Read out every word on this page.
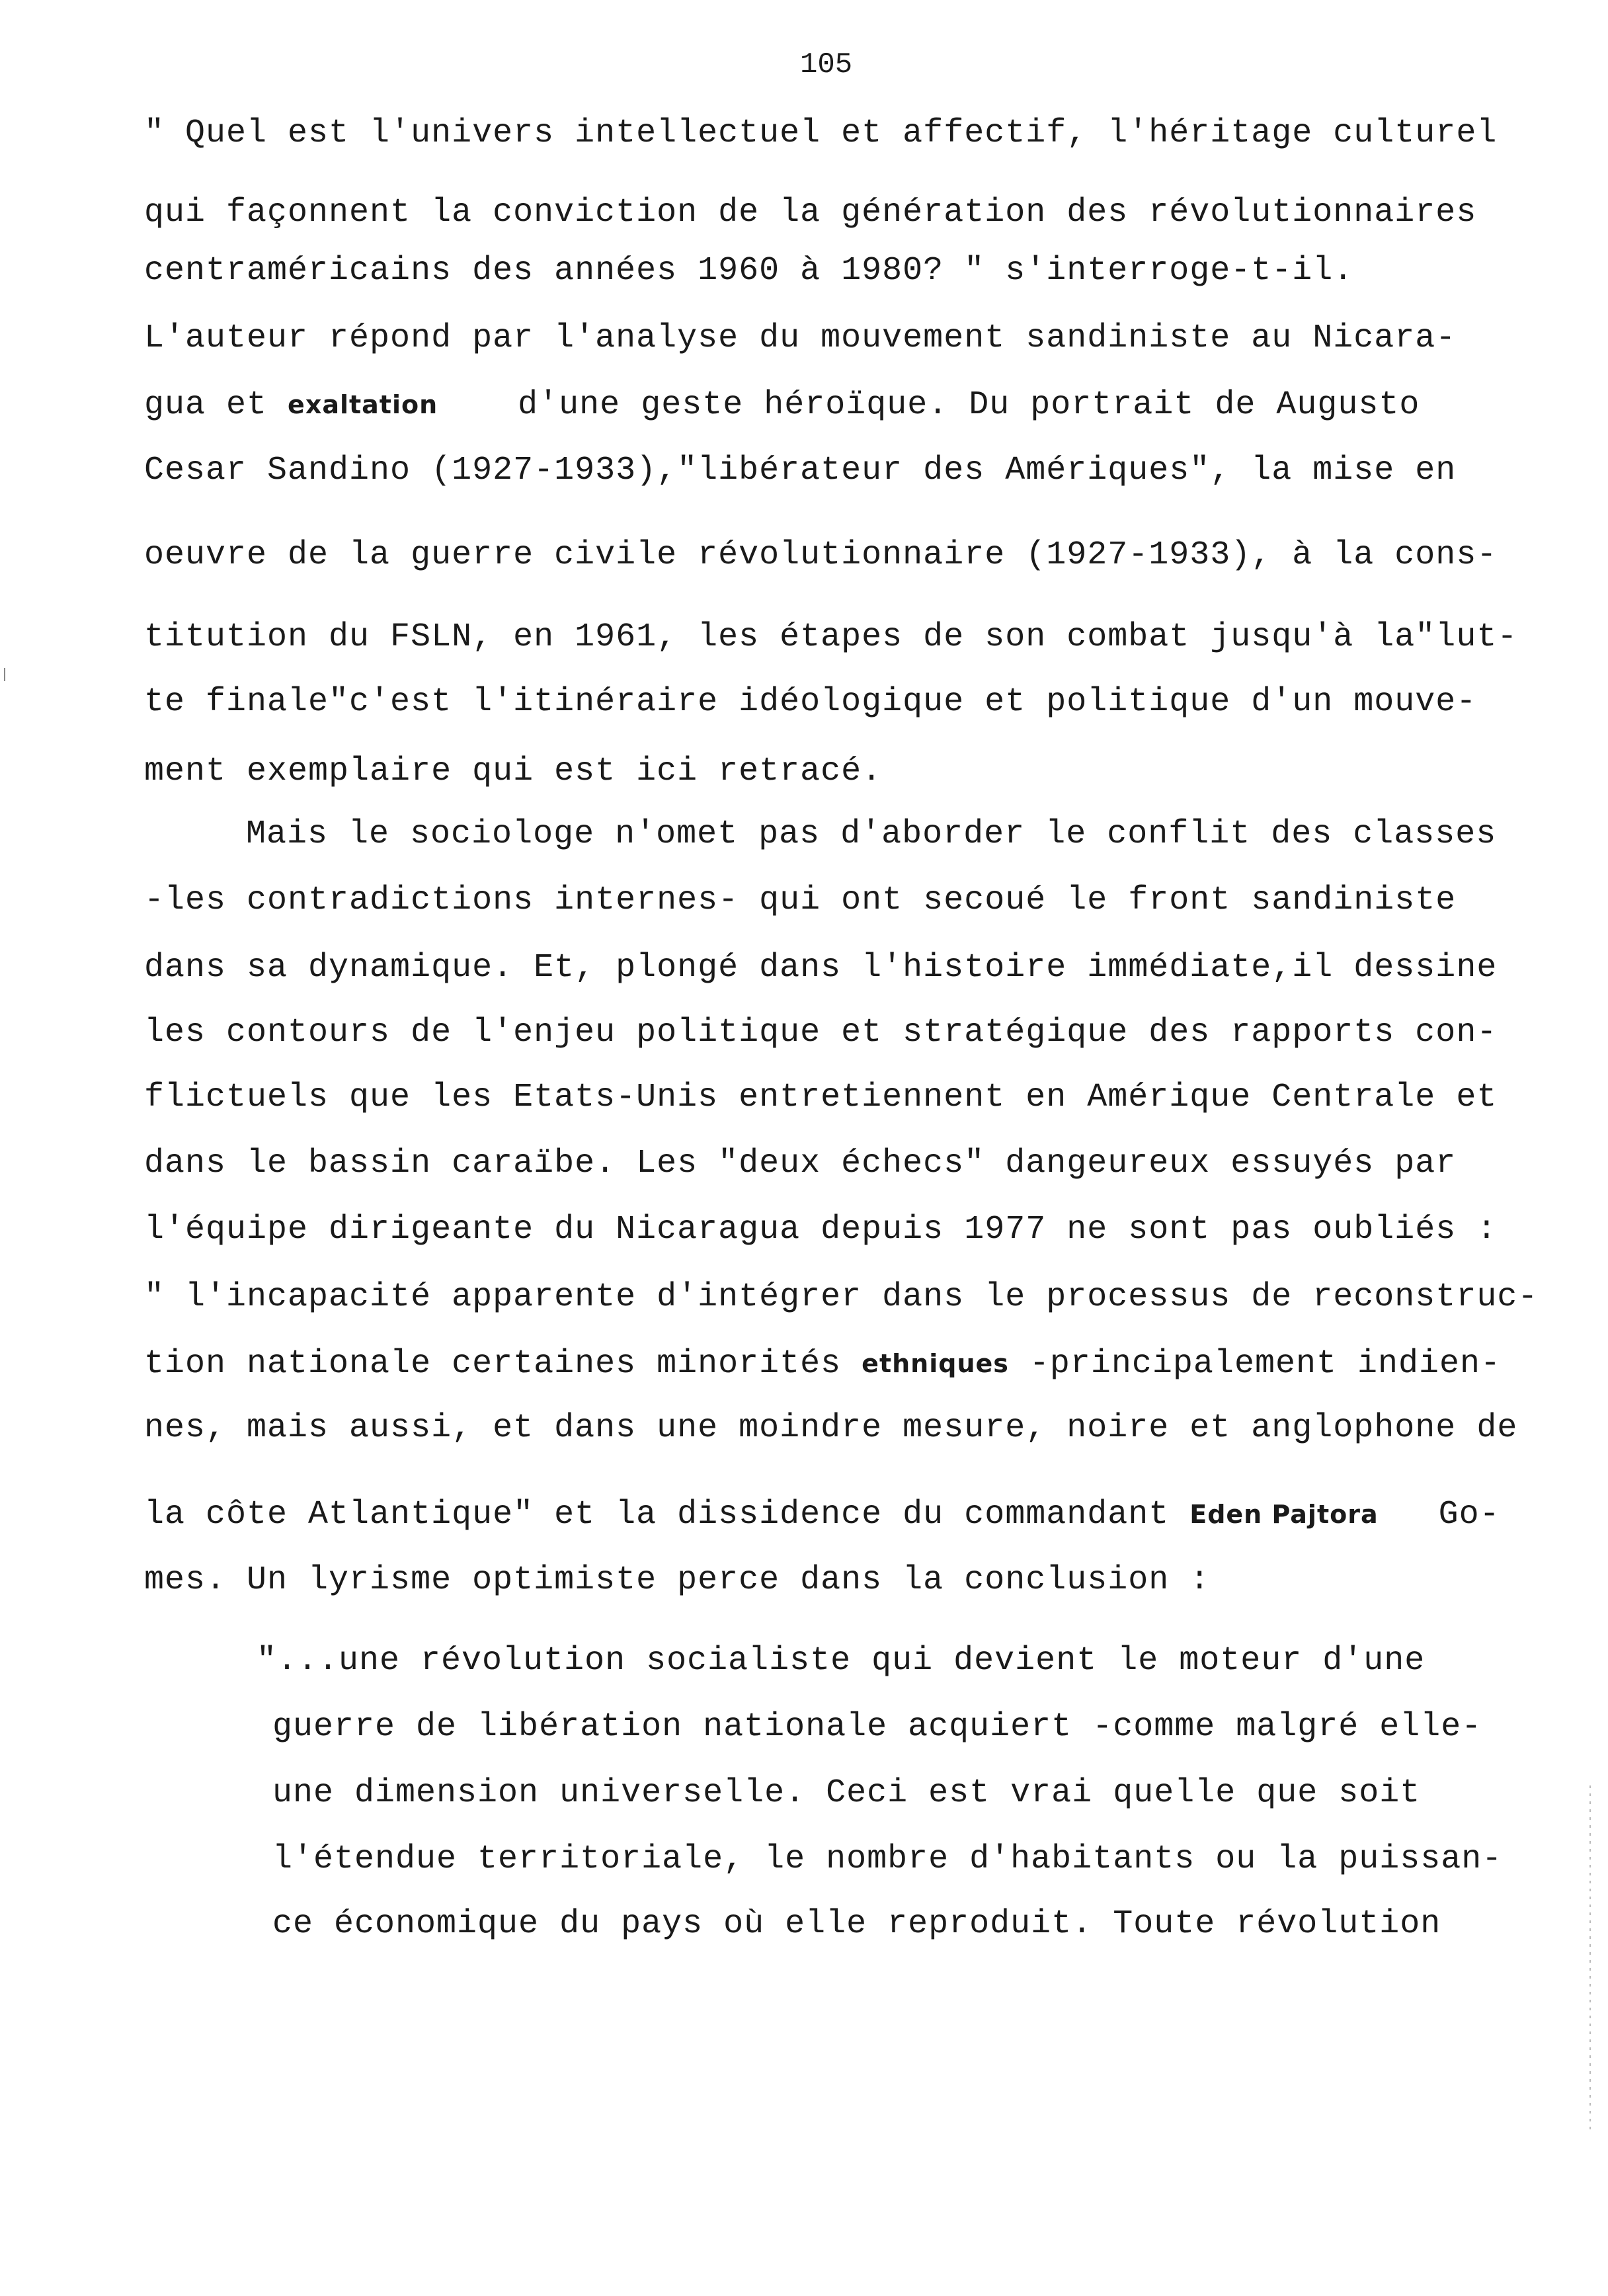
105
" Quel est l'univers intellectuel et affectif, l'héritage culturel
qui façonnent la conviction de la génération des révolutionnaires
centraméricains des années 1960 à 1980? " s'interroge-t-il.
L'auteur répond par l'analyse du mouvement sandiniste au Nicara-
gua et exaltation d'une geste héroïque. Du portrait de Augusto
Cesar Sandino (1927-1933),"libérateur des Amériques", la mise en
oeuvre de la guerre civile révolutionnaire (1927-1933), à la cons-
titution du FSLN, en 1961, les étapes de son combat jusqu'à la"lut-
te finale"c'est l'itinéraire idéologique et politique d'un mouve-
ment exemplaire qui est ici retracé.
Mais le sociologe n'omet pas d'aborder le conflit des classes
-les contradictions internes- qui ont secoué le front sandiniste
dans sa dynamique. Et, plongé dans l'histoire immédiate,il dessine
les contours de l'enjeu politique et stratégique des rapports con-
flictuels que les Etats-Unis entretiennent en Amérique Centrale et
dans le bassin caraïbe. Les "deux échecs" dangeureux essuyés par
l'équipe dirigeante du Nicaragua depuis 1977 ne sont pas oubliés :
" l'incapacité apparente d'intégrer dans le processus de reconstruc-
tion nationale certaines minorités ethniques -principalement indien-
nes, mais aussi, et dans une moindre mesure, noire et anglophone de
la côte Atlantique" et la dissidence du commandant Eden Pajtora Go-
mes. Un lyrisme optimiste perce dans la conclusion :
"...une révolution socialiste qui devient le moteur d'une
guerre de libération nationale acquiert -comme malgré elle-
une dimension universelle. Ceci est vrai quelle que soit
l'étendue territoriale, le nombre d'habitants ou la puissan-
ce économique du pays où elle reproduit. Toute révolution
